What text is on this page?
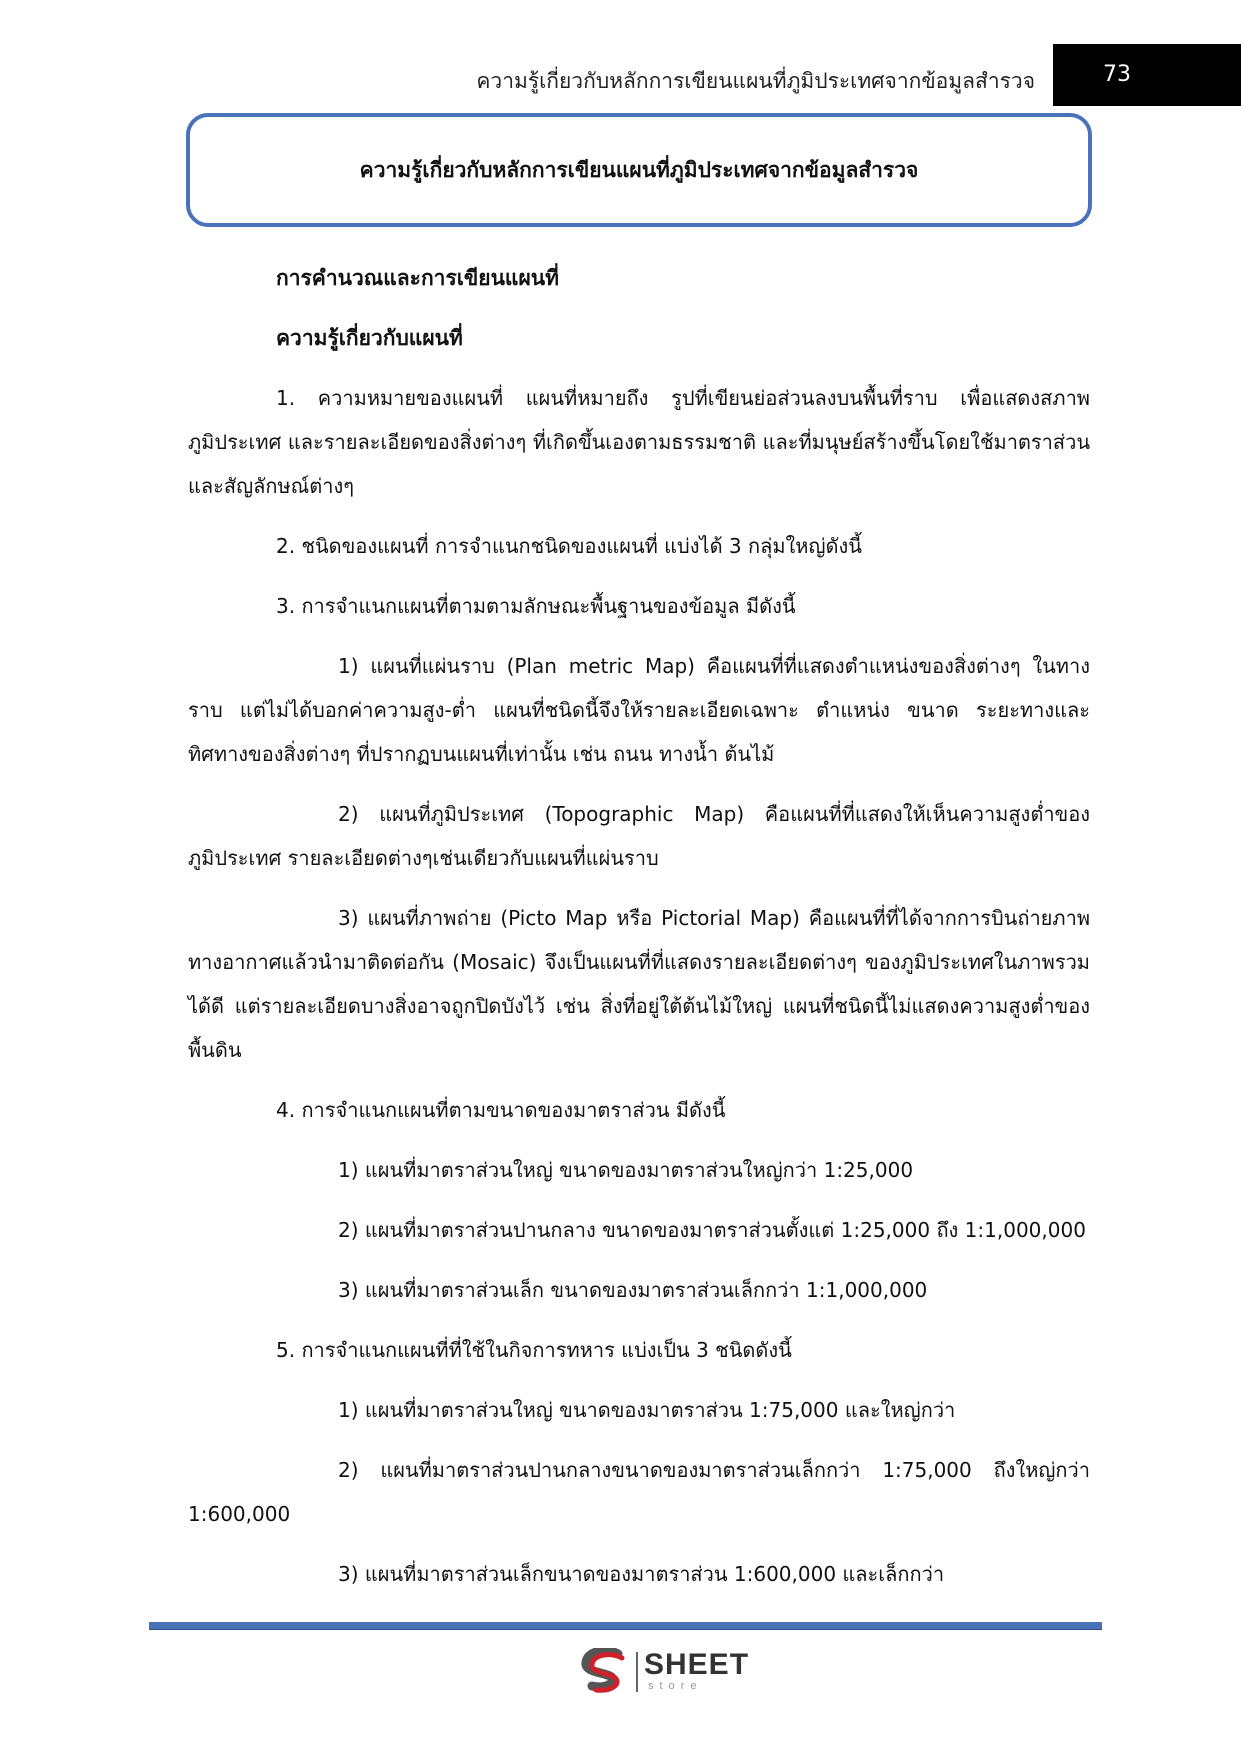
ความรู้เกี่ยวกับหลักการเขียนแผนที่ภูมิประเทศจากข้อมูลสำรวจ	73
ความรู้เกี่ยวกับหลักการเขียนแผนที่ภูมิประเทศจากข้อมูลสำรวจ
การคำนวณและการเขียนแผนที่
ความรู้เกี่ยวกับแผนที่

1. ความหมายของแผนที่ แผนที่หมายถึง รูปที่เขียนย่อส่วนลงบนพื้นที่ราบ เพื่อแสดงสภาพภูมิประเทศ และรายละเอียดของสิ่งต่างๆ ที่เกิดขึ้นเองตามธรรมชาติ และที่มนุษย์สร้างขึ้นโดยใช้มาตราส่วนและสัญลักษณ์ต่างๆ

2. ชนิดของแผนที่ การจำแนกชนิดของแผนที่ แบ่งได้ 3 กลุ่มใหญ่ดังนี้

3. การจำแนกแผนที่ตามตามลักษณะพื้นฐานของข้อมูล มีดังนี้

1) แผนที่แผ่นราบ (Plan metric Map) คือแผนที่ที่แสดงตำแหน่งของสิ่งต่างๆ ในทางราบ แต่ไม่ได้บอกค่าความสูง-ต่ำ แผนที่ชนิดนี้จึงให้รายละเอียดเฉพาะ ตำแหน่ง ขนาด ระยะทางและทิศทางของสิ่งต่างๆ ที่ปรากฏบนแผนที่เท่านั้น เช่น ถนน ทางน้ำ ต้นไม้

2) แผนที่ภูมิประเทศ (Topographic Map) คือแผนที่ที่แสดงให้เห็นความสูงต่ำของภูมิประเทศ รายละเอียดต่างๆเช่นเดียวกับแผนที่แผ่นราบ

3) แผนที่ภาพถ่าย (Picto Map หรือ Pictorial Map) คือแผนที่ที่ได้จากการบินถ่ายภาพทางอากาศแล้วนำมาติดต่อกัน (Mosaic) จึงเป็นแผนที่ที่แสดงรายละเอียดต่างๆ ของภูมิประเทศในภาพรวมได้ดี แต่รายละเอียดบางสิ่งอาจถูกปิดบังไว้ เช่น สิ่งที่อยู่ใต้ต้นไม้ใหญ่ แผนที่ชนิดนี้ไม่แสดงความสูงต่ำของพื้นดิน

4. การจำแนกแผนที่ตามขนาดของมาตราส่วน มีดังนี้

1) แผนที่มาตราส่วนใหญ่ ขนาดของมาตราส่วนใหญ่กว่า 1:25,000

2) แผนที่มาตราส่วนปานกลาง ขนาดของมาตราส่วนตั้งแต่ 1:25,000 ถึง 1:1,000,000

3) แผนที่มาตราส่วนเล็ก ขนาดของมาตราส่วนเล็กกว่า 1:1,000,000

5. การจำแนกแผนที่ที่ใช้ในกิจการทหาร แบ่งเป็น 3 ชนิดดังนี้

1) แผนที่มาตราส่วนใหญ่ ขนาดของมาตราส่วน 1:75,000 และใหญ่กว่า

2) แผนที่มาตราส่วนปานกลางขนาดของมาตราส่วนเล็กกว่า 1:75,000 ถึงใหญ่กว่า 1:600,000

3) แผนที่มาตราส่วนเล็กขนาดของมาตราส่วน 1:600,000 และเล็กกว่า

SHEET
store
